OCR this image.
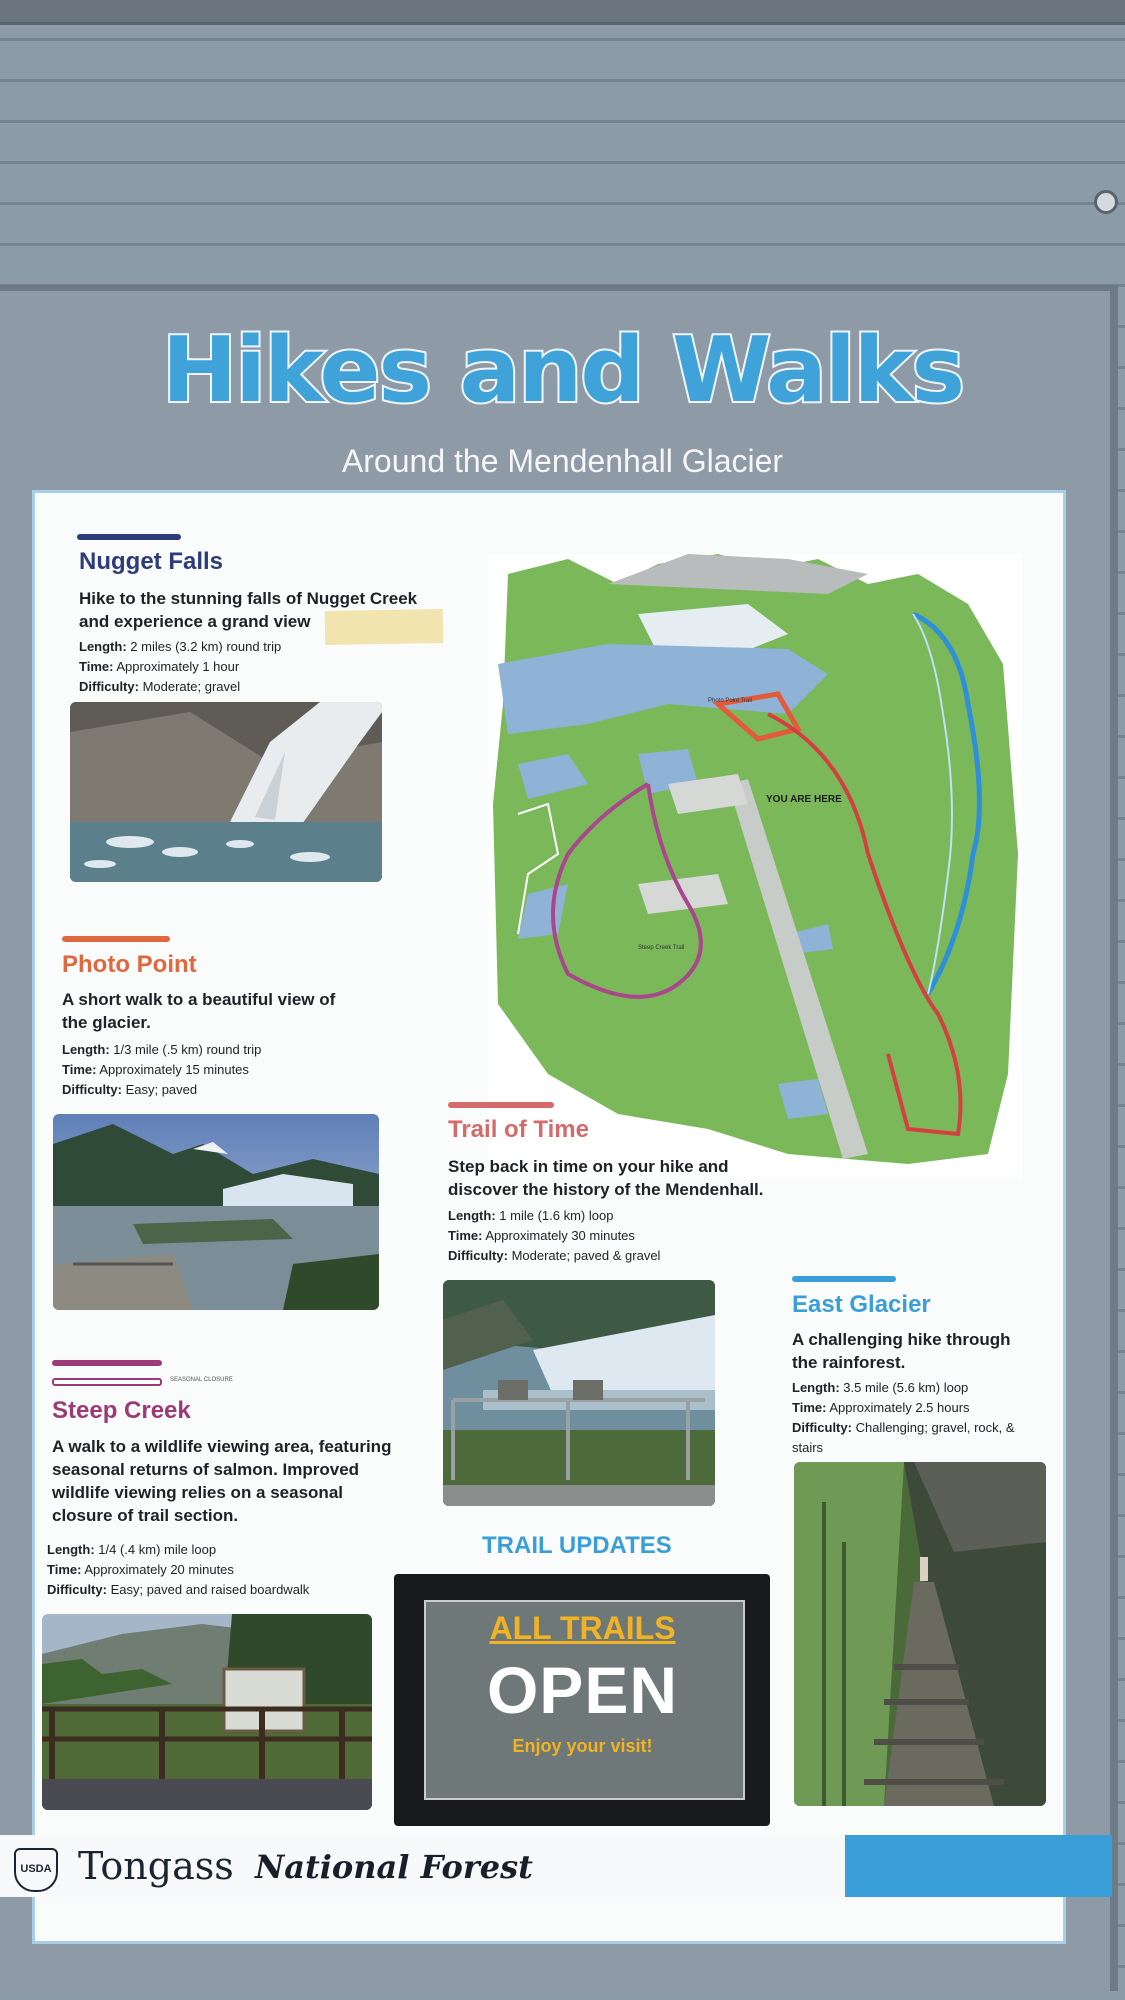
Hikes and Walks
Around the Mendenhall Glacier
Nugget Falls
Hike to the stunning falls of Nugget Creek and experience a grand view
Length: 2 miles (3.2 km) round trip
Time: Approximately 1 hour
Difficulty: Moderate; gravel
Photo Point
A short walk to a beautiful view of the glacier.
Length: 1/3 mile (.5 km) round trip
Time: Approximately 15 minutes
Difficulty: Easy; paved
YOU ARE HERE
Photo Point Trail
Steep Creek Trail
Trail of Time
Step back in time on your hike and discover the history of the Mendenhall.
Length: 1 mile (1.6 km) loop
Time: Approximately 30 minutes
Difficulty: Moderate; paved & gravel
East Glacier
A challenging hike through the rainforest.
Length: 3.5 mile (5.6 km) loop
Time: Approximately 2.5 hours
Difficulty: Challenging; gravel, rock, & stairs
SEASONAL CLOSURE
Steep Creek
A walk to a wildlife viewing area, featuring seasonal returns of salmon. Improved wildlife viewing relies on a seasonal closure of trail section.
Length: 1/4 (.4 km) mile loop
Time: Approximately 20 minutes
Difficulty: Easy; paved and raised boardwalk
TRAIL UPDATES
ALL TRAILS
OPEN
Enjoy your visit!
USDA Tongass National Forest
